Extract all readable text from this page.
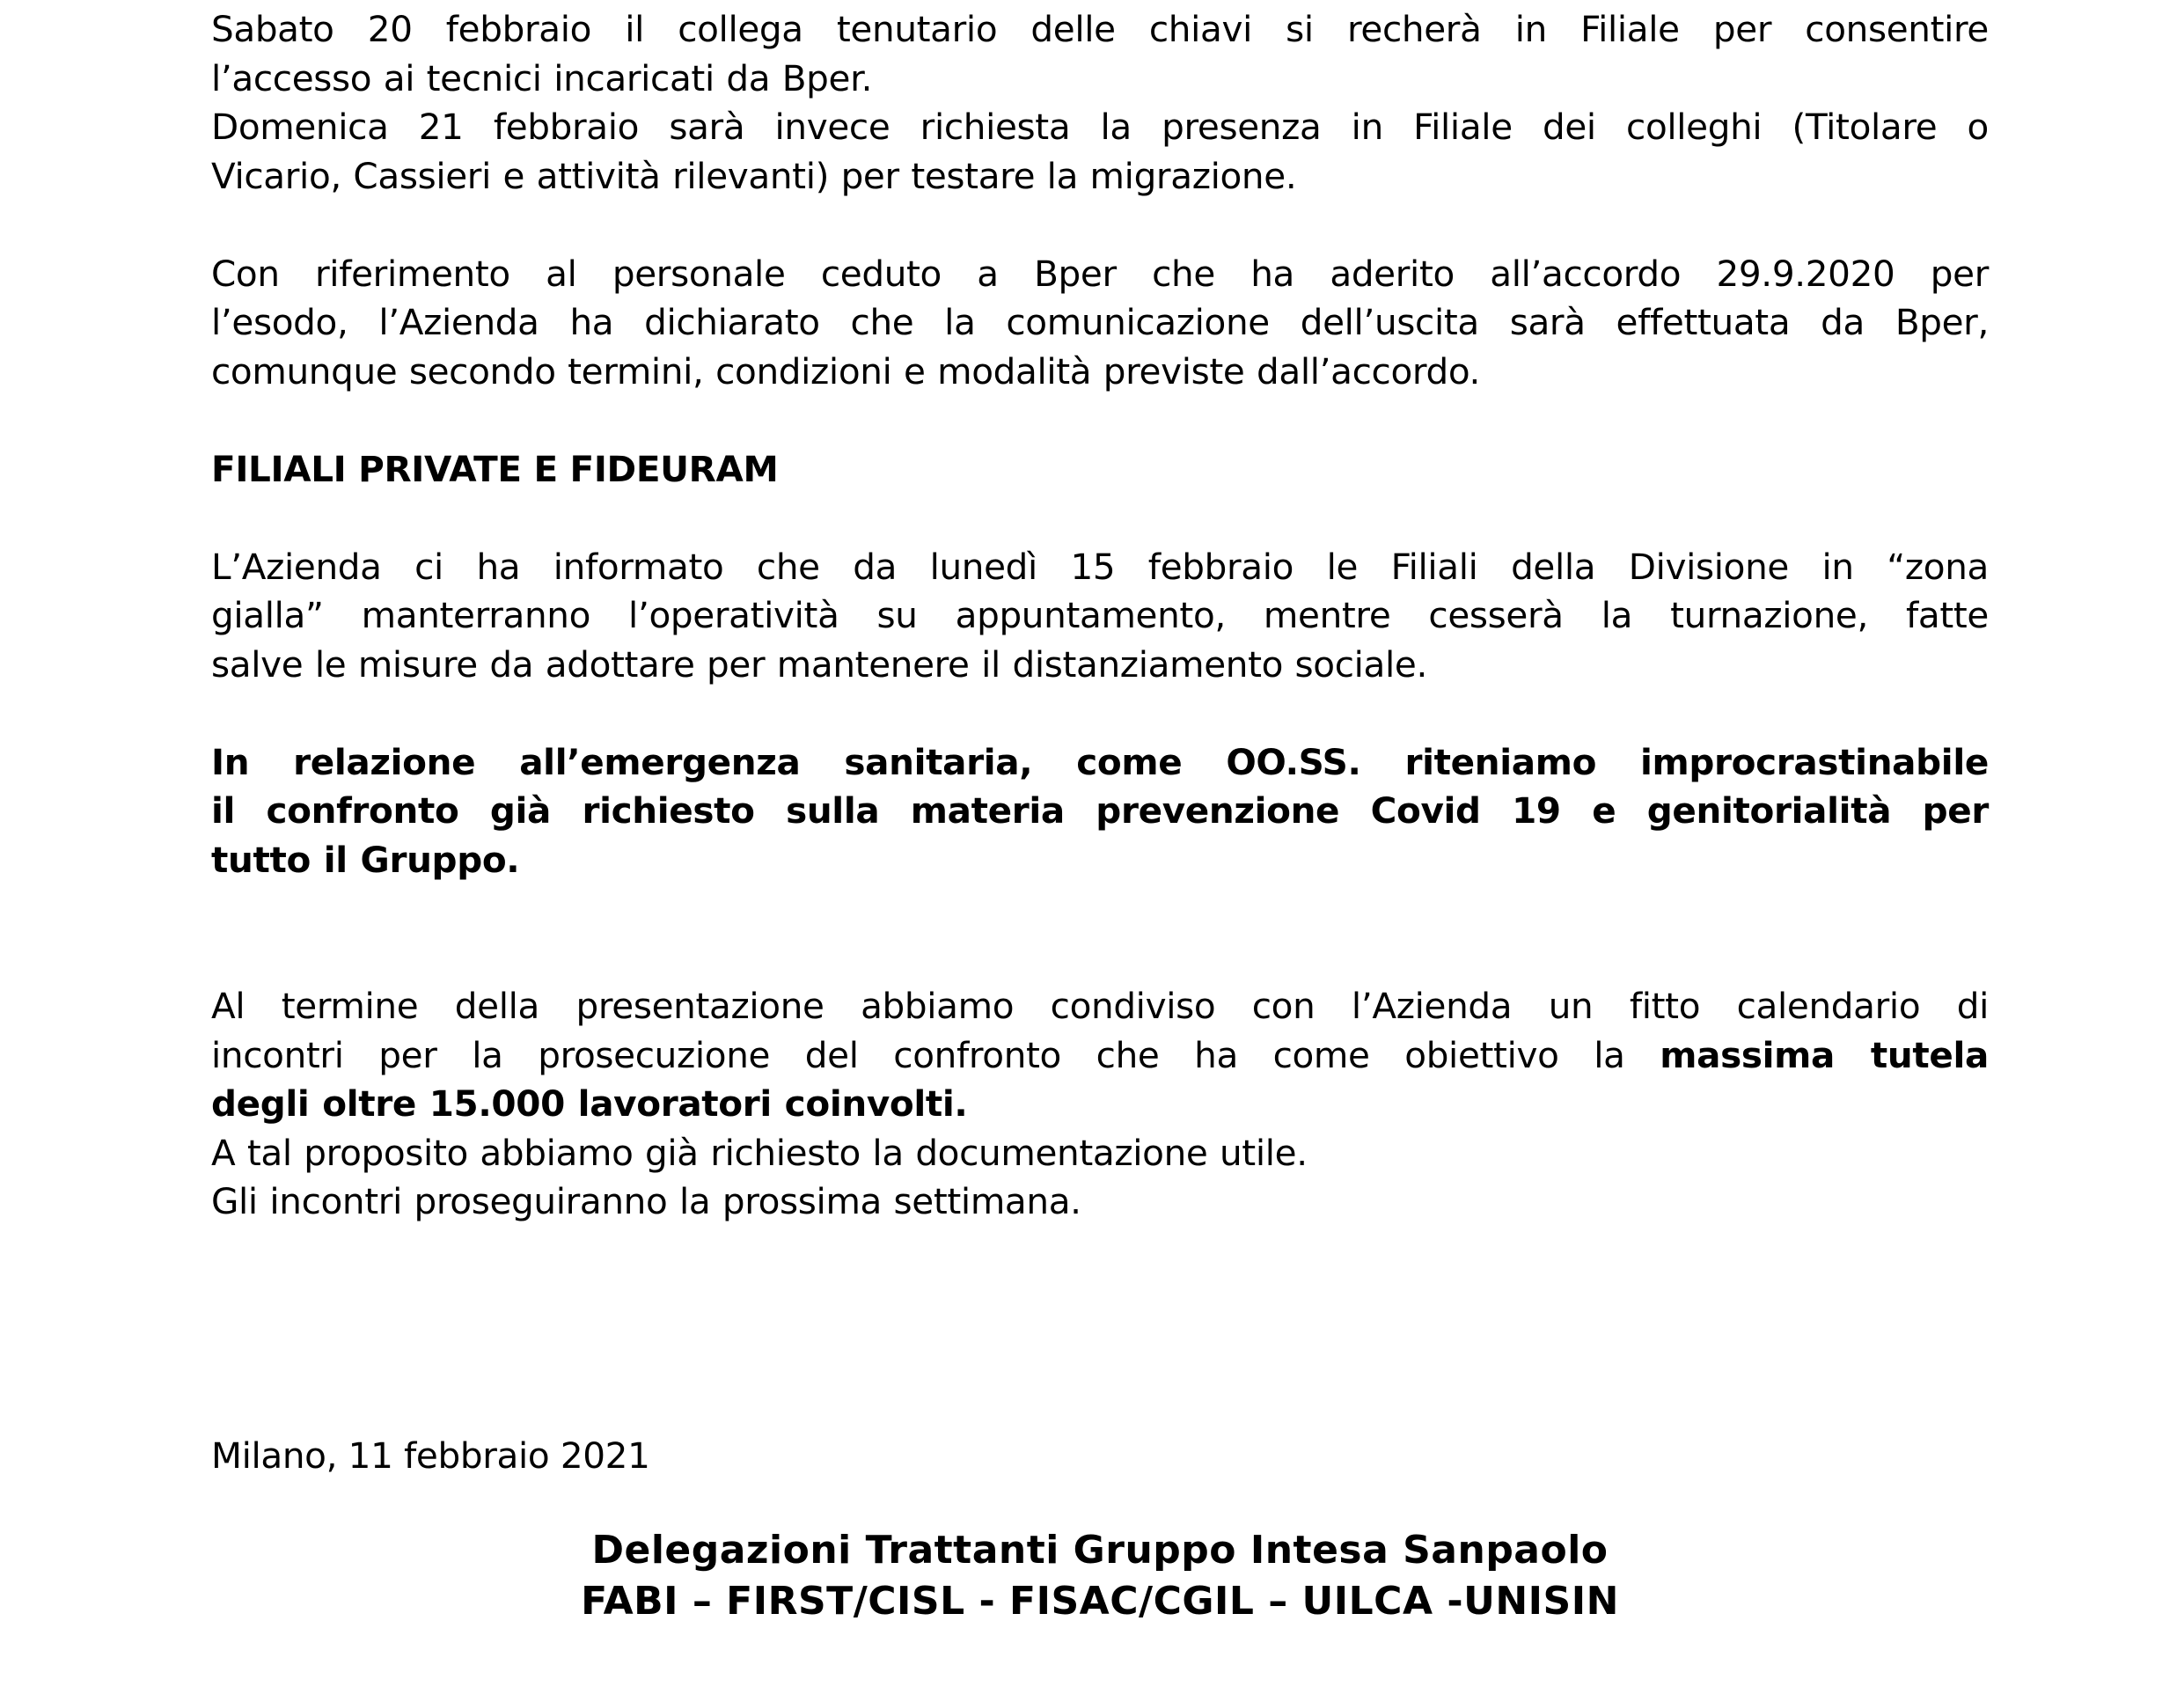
Sabato 20 febbraio il collega tenutario delle chiavi si recherà in Filiale per consentire
l’accesso ai tecnici incaricati da Bper.
Domenica 21 febbraio sarà invece richiesta la presenza in Filiale dei colleghi (Titolare o
Vicario, Cassieri e attività rilevanti) per testare la migrazione.
Con riferimento al personale ceduto a Bper che ha aderito all’accordo 29.9.2020 per
l’esodo, l’Azienda ha dichiarato che la comunicazione dell’uscita sarà effettuata da Bper,
comunque secondo termini, condizioni e modalità previste dall’accordo.
FILIALI PRIVATE E FIDEURAM
L’Azienda ci ha informato che da lunedì 15 febbraio le Filiali della Divisione in “zona
gialla” manterranno l’operatività su appuntamento, mentre cesserà la turnazione, fatte
salve le misure da adottare per mantenere il distanziamento sociale.
In relazione all’emergenza sanitaria, come OO.SS. riteniamo improcrastinabile
il confronto già richiesto sulla materia prevenzione Covid 19 e genitorialità per
tutto il Gruppo.
Al termine della presentazione abbiamo condiviso con l’Azienda un fitto calendario di
incontri per la prosecuzione del confronto che ha come obiettivo la massima tutela
degli oltre 15.000 lavoratori coinvolti.
A tal proposito abbiamo già richiesto la documentazione utile.
Gli incontri proseguiranno la prossima settimana.
Milano, 11 febbraio 2021
Delegazioni Trattanti Gruppo Intesa Sanpaolo
FABI – FIRST/CISL - FISAC/CGIL – UILCA -UNISIN
